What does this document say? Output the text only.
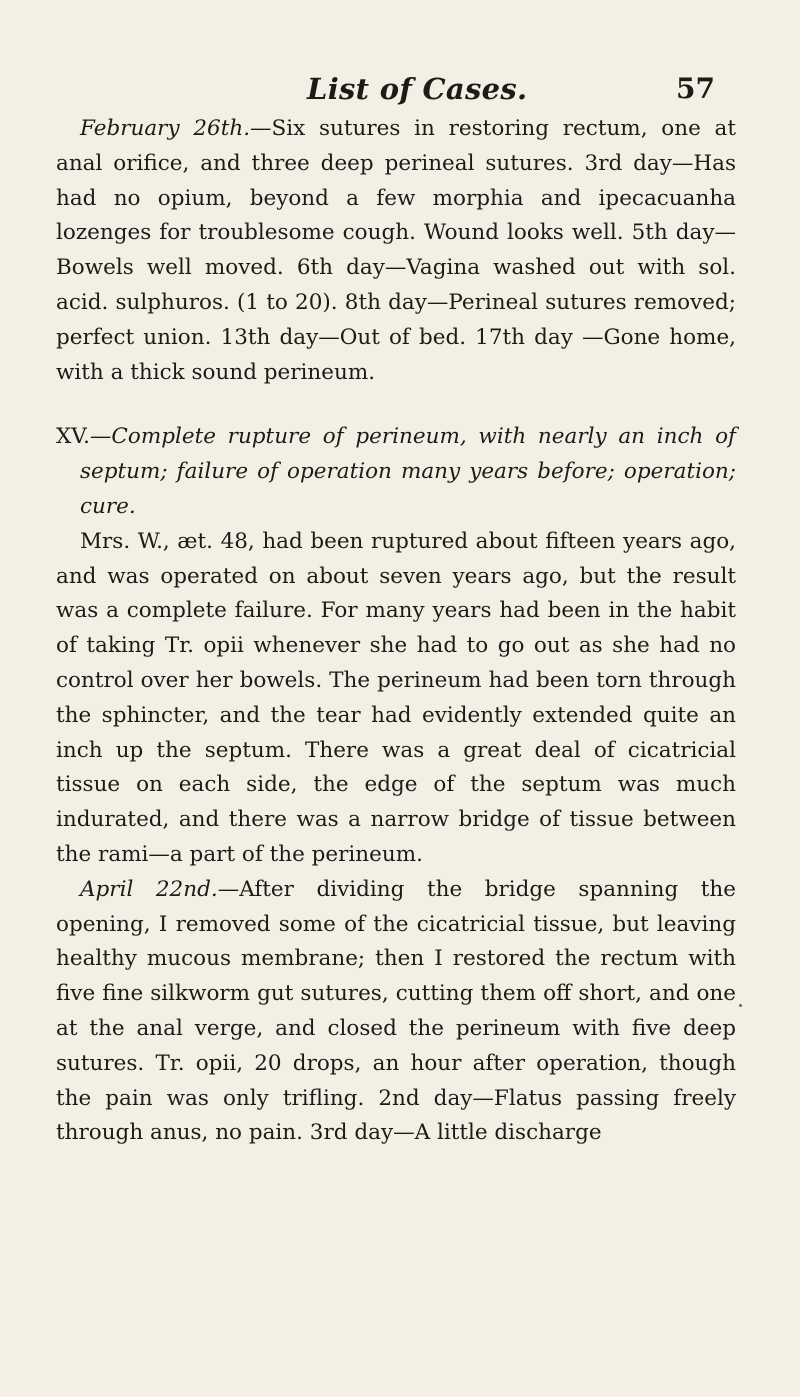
List of Cases.	57

February 26th.—Six sutures in restoring rectum, one at anal orifice, and three deep perineal sutures. 3rd day—Has had no opium, beyond a few morphia and ipecacuanha lozenges for troublesome cough. Wound looks well. 5th day—Bowels well moved. 6th day—Vagina washed out with sol. acid. sulphuros. (1 to 20). 8th day—Perineal sutures removed; perfect union. 13th day—Out of bed. 17th day —Gone home, with a thick sound perineum.

XV.—Complete rupture of perineum, with nearly an inch of septum; failure of operation many years before; operation; cure.

Mrs. W., æt. 48, had been ruptured about fifteen years ago, and was operated on about seven years ago, but the result was a complete failure. For many years had been in the habit of taking Tr. opii whenever she had to go out as she had no control over her bowels. The perineum had been torn through the sphincter, and the tear had evidently extended quite an inch up the septum. There was a great deal of cicatricial tissue on each side, the edge of the septum was much indurated, and there was a narrow bridge of tissue between the rami—a part of the perineum.

April 22nd.—After dividing the bridge spanning the opening, I removed some of the cicatricial tissue, but leaving healthy mucous membrane; then I restored the rectum with five fine silkworm gut sutures, cutting them off short, and one at the anal verge, and closed the perineum with five deep sutures. Tr. opii, 20 drops, an hour after operation, though the pain was only trifling. 2nd day—Flatus passing freely through anus, no pain. 3rd day—A little discharge
